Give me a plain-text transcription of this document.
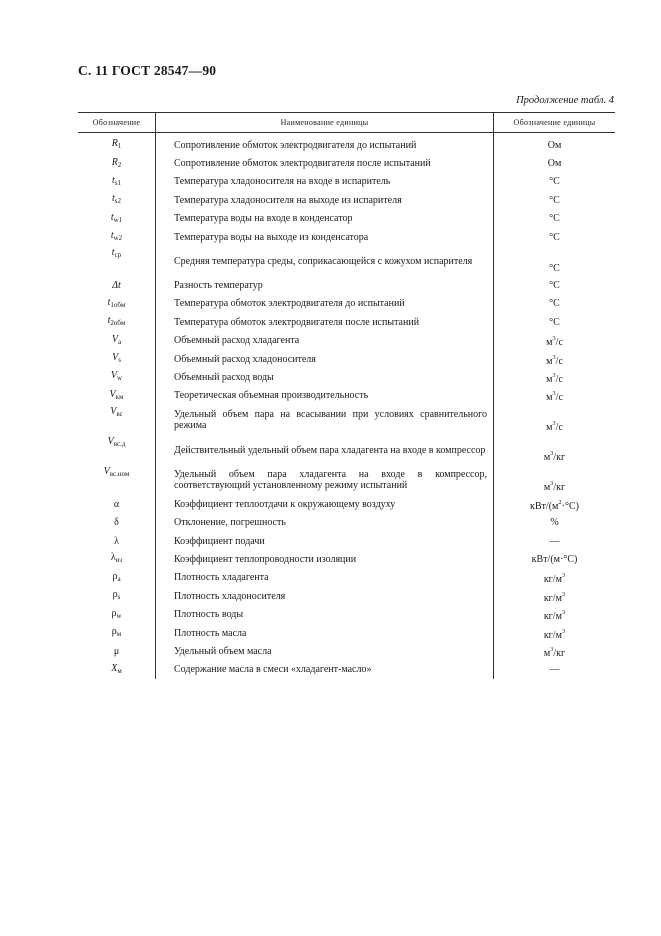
С. 11 ГОСТ 28547—90
Продолжение табл. 4
Обозначение	Наименование единицы	Обозначение единицы

$R_1$	Сопротивление обмоток электродвигателя до испытаний	Ом
$R_2$	Сопротивление обмоток электродвигателя после испытаний	Ом
$t_{s1}$	Температура хладоносителя на входе в испаритель	°С
$t_{s2}$	Температура хладоносителя на выходе из испарителя	°С
$t_{w1}$	Температура воды на входе в конденсатор	°С
$t_{w2}$	Температура воды на выходе из конденсатора	°С
$t_{ср}$	Средняя температура среды, соприкасающейся с кожухом испарителя	°С
Δt	Разность температур	°С
$t_{1обм}$	Температура обмоток электродвигателя до испытаний	°С
$t_{2обм}$	Температура обмоток электродвигателя после испытаний	°С
$V_а$	Объемный расход хладагента	$м^3/с$
$V_s$	Объемный расход хладоносителя	$м^3/с$
$V_w$	Объемный расход воды	$м^3/с$
$V_{км}$	Теоретическая объемная производительность	$м^3/с$
$V_{вс}$	Удельный объем пара на всасывании при условиях сравнительного режима	$м^3/с$
$V_{вс.д}$	Действительный удельный объем пара хладагента на входе в компрессор	$м^3/кг$
$V_{вс.ном}$	Удельный объем пара хладагента на входе в компрессор, соответствующий установленному режиму испытаний	$м^3/кг$
α	Коэффициент теплоотдачи к окружающему воздуху	кВт/$(м^2\cdot^\circ С)$
δ	Отклонение, погрешность	%
λ	Коэффициент подачи	—
$\lambda_{из}$	Коэффициент теплопроводности изоляции	кВт/(м·°С)
$\rho_а$	Плотность хладагента	$кг/м^3$
$\rho_s$	Плотность хладоносителя	$кг/м^3$
$\rho_w$	Плотность воды	$кг/м^3$
$\rho_м$	Плотность масла	$кг/м^3$
μ	Удельный объем масла	$м^3/кг$
$X_м$	Содержание масла в смеси «хладагент-масло»	—
